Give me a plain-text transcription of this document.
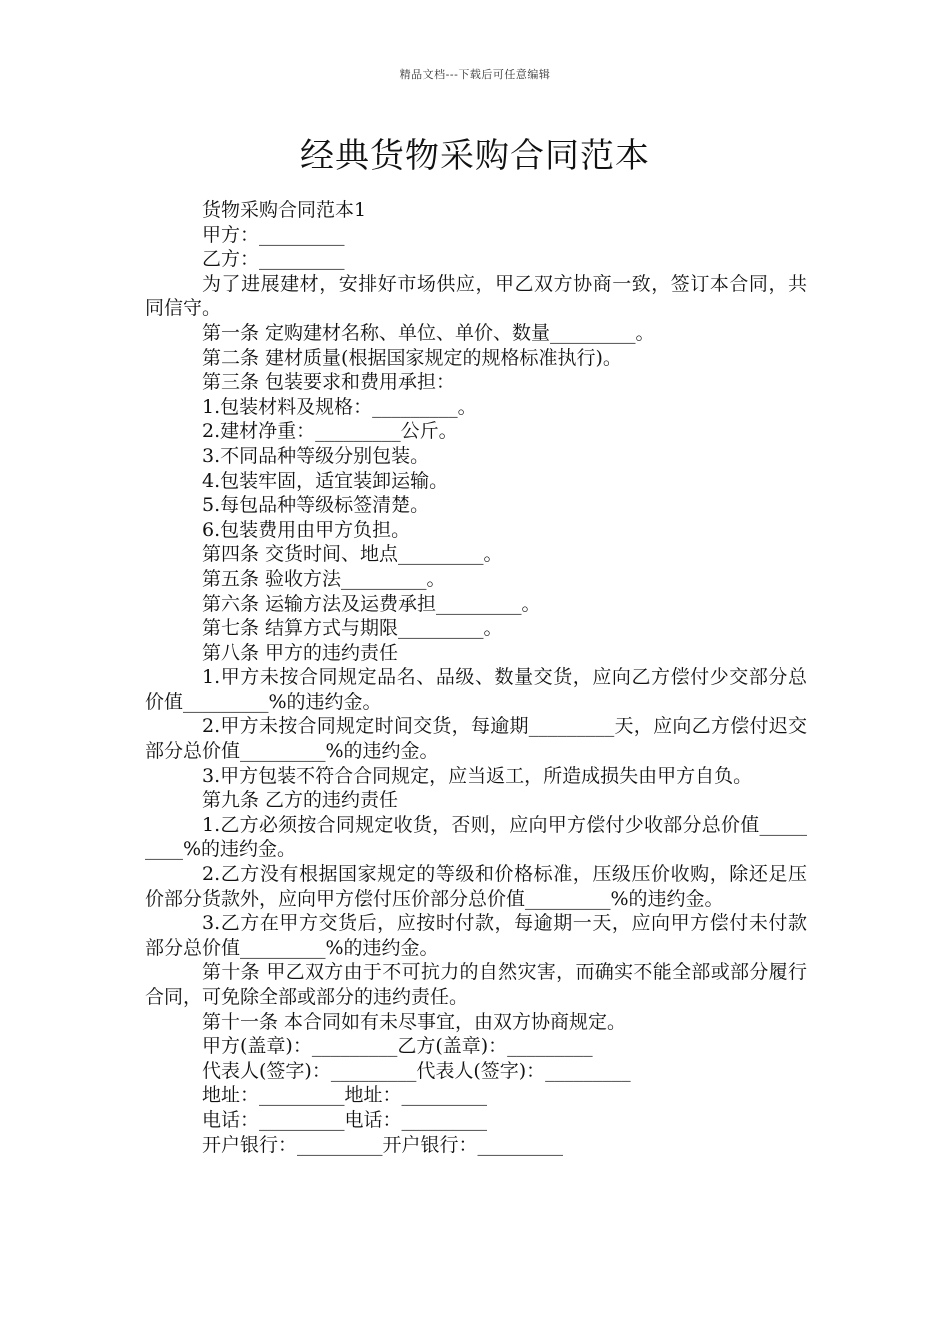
精品文档---下载后可任意编辑
经典货物采购合同范本

货物采购合同范本1

甲方：_________

乙方：_________

为了进展建材，安排好市场供应，甲乙双方协商一致，签订本合同，共同信守。

第一条 定购建材名称、单位、单价、数量_________。

第二条 建材质量(根据国家规定的规格标准执行)。

第三条 包装要求和费用承担：

1.包装材料及规格：_________。

2.建材净重：_________公斤。

3.不同品种等级分别包装。

4.包装牢固，适宜装卸运输。

5.每包品种等级标签清楚。

6.包装费用由甲方负担。

第四条 交货时间、地点_________。

第五条 验收方法_________。

第六条 运输方法及运费承担_________。

第七条 结算方式与期限_________。

第八条 甲方的违约责任

1.甲方未按合同规定品名、品级、数量交货，应向乙方偿付少交部分总价值_________%的违约金。

2.甲方未按合同规定时间交货，每逾期_________天，应向乙方偿付迟交部分总价值_________%的违约金。

3.甲方包装不符合合同规定，应当返工，所造成损失由甲方自负。

第九条 乙方的违约责任

1.乙方必须按合同规定收货，否则，应向甲方偿付少收部分总价值_________%的违约金。

2.乙方没有根据国家规定的等级和价格标准，压级压价收购，除还足压价部分货款外，应向甲方偿付压价部分总价值_________%的违约金。

3.乙方在甲方交货后，应按时付款，每逾期一天，应向甲方偿付未付款部分总价值_________%的违约金。

第十条 甲乙双方由于不可抗力的自然灾害，而确实不能全部或部分履行合同，可免除全部或部分的违约责任。

第十一条 本合同如有未尽事宜，由双方协商规定。

甲方(盖章)：_________乙方(盖章)：_________

代表人(签字)：_________代表人(签字)：_________

地址：_________地址：_________

电话：_________电话：_________

开户银行：_________开户银行：_________
